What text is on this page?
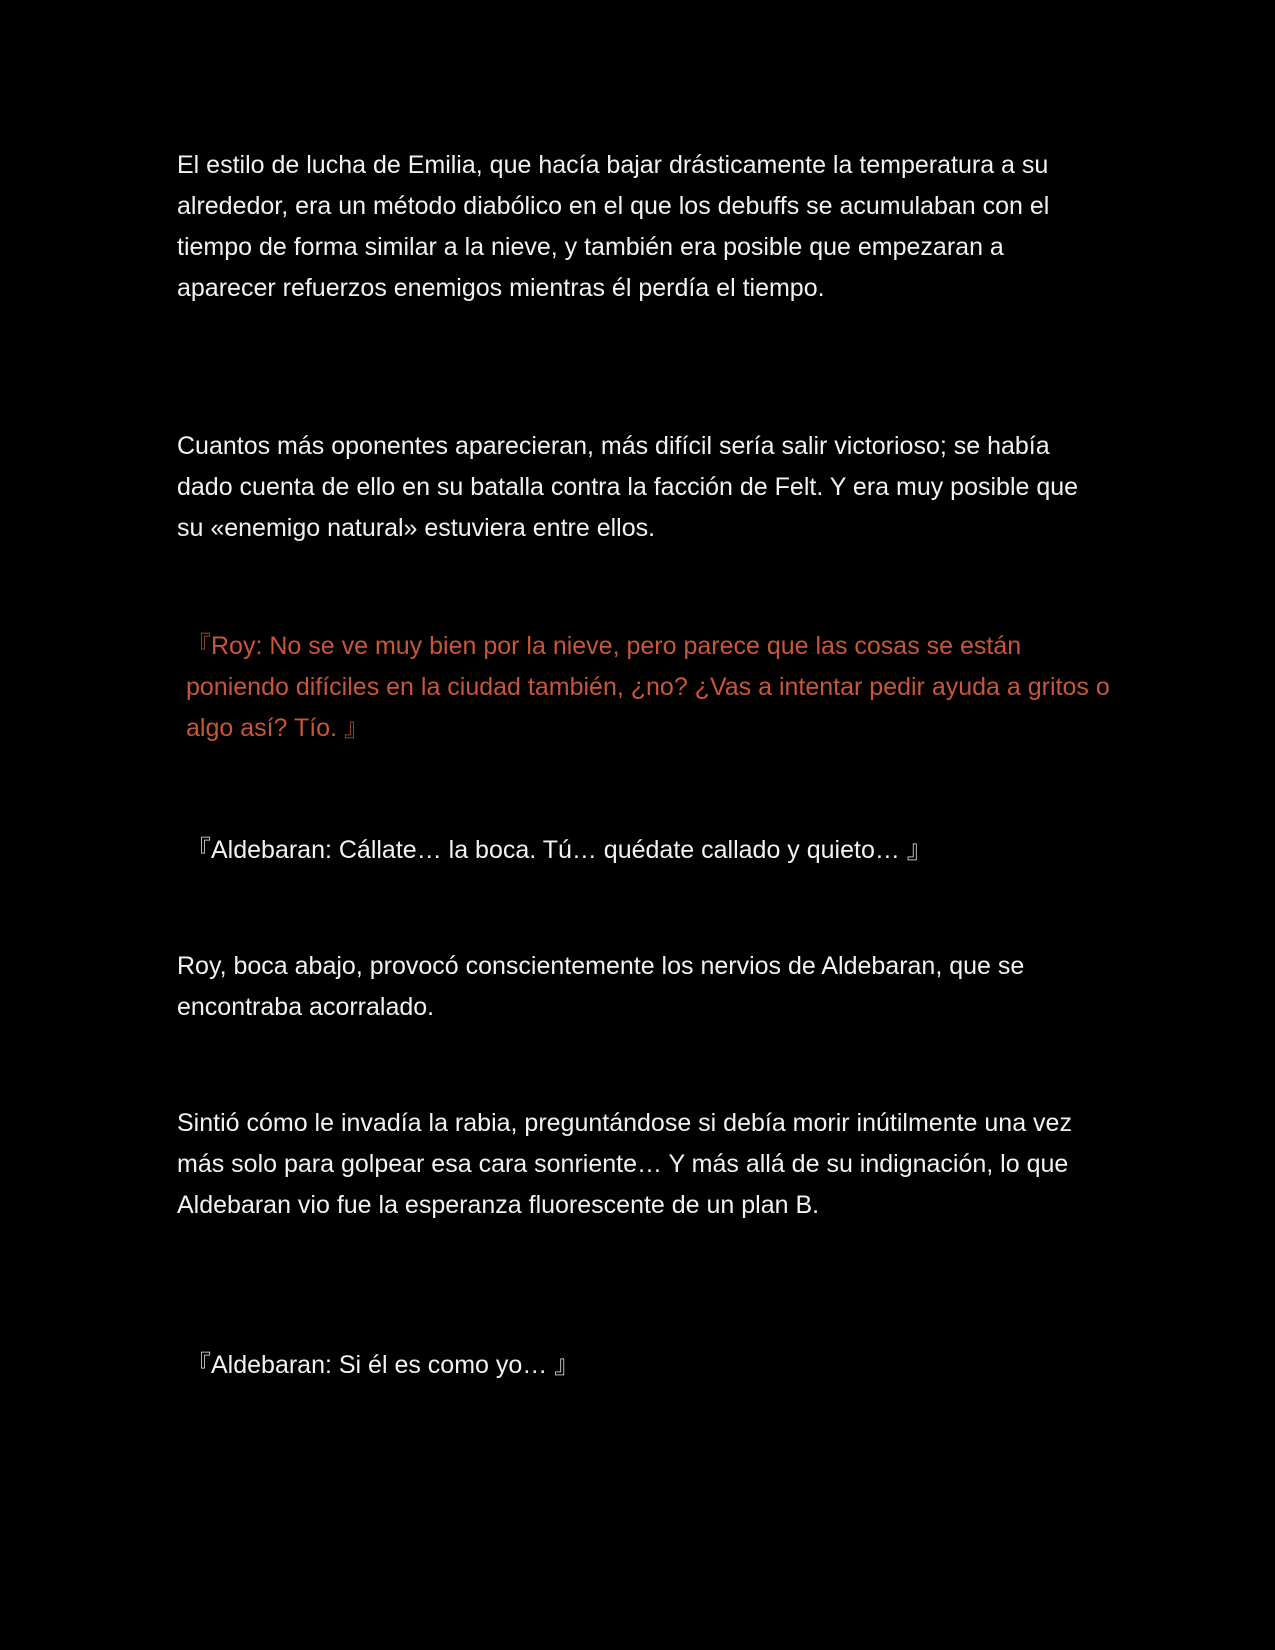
El estilo de lucha de Emilia, que hacía bajar drásticamente la temperatura a su alrededor, era un método diabólico en el que los debuffs se acumulaban con el tiempo de forma similar a la nieve, y también era posible que empezaran a aparecer refuerzos enemigos mientras él perdía el tiempo.

Cuantos más oponentes aparecieran, más difícil sería salir victorioso; se había dado cuenta de ello en su batalla contra la facción de Felt. Y era muy posible que su «enemigo natural» estuviera entre ellos.

『Roy: No se ve muy bien por la nieve, pero parece que las cosas se están poniendo difíciles en la ciudad también, ¿no? ¿Vas a intentar pedir ayuda a gritos o algo así? Tío. 』

『Aldebaran: Cállate… la boca. Tú… quédate callado y quieto… 』

Roy, boca abajo, provocó conscientemente los nervios de Aldebaran, que se encontraba acorralado.

Sintió cómo le invadía la rabia, preguntándose si debía morir inútilmente una vez más solo para golpear esa cara sonriente… Y más allá de su indignación, lo que Aldebaran vio fue la esperanza fluorescente de un plan B.

『Aldebaran: Si él es como yo… 』
